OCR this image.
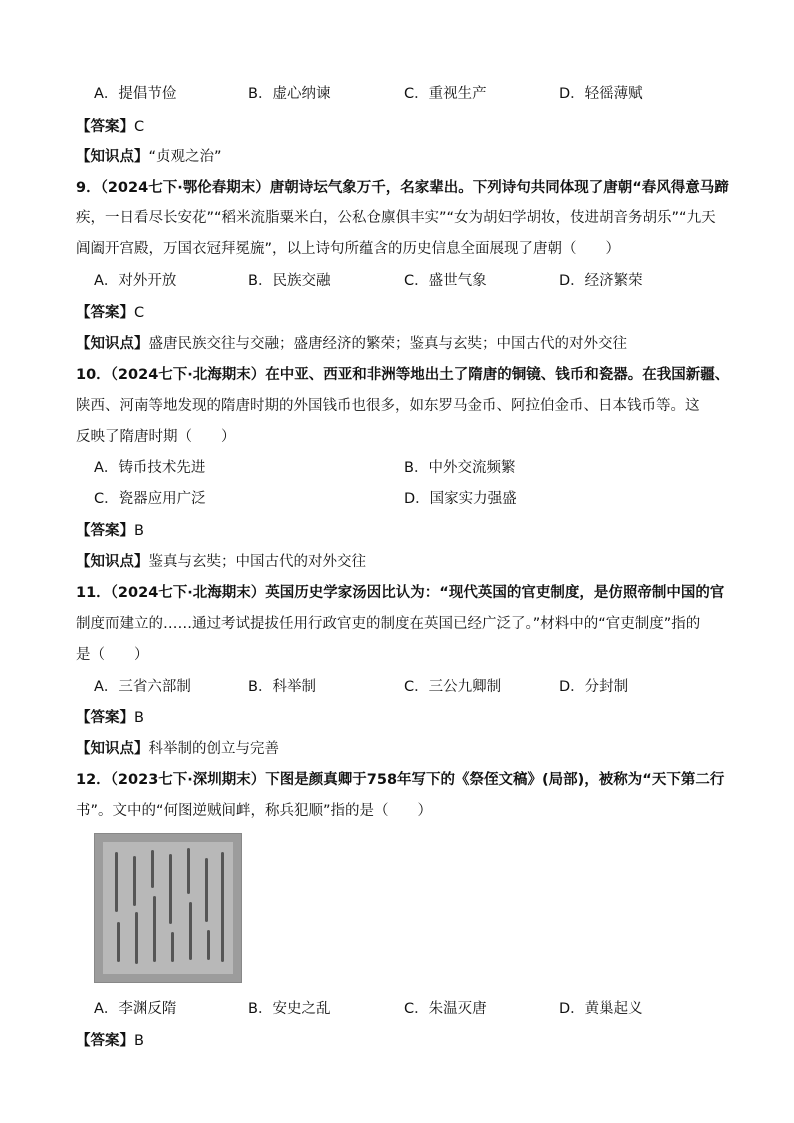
A．提倡节俭	B．虚心纳谏	C．重视生产	D．轻徭薄赋
【答案】C
【知识点】“贞观之治”
9．（2024七下·鄂伦春期末）唐朝诗坛气象万千，名家辈出。下列诗句共同体现了唐朝“春风得意马蹄
疾，一日看尽长安花”“稻米流脂粟米白，公私仓廪俱丰实”“女为胡妇学胡妆，伎进胡音务胡乐”“九天
阊阖开宫殿，万国衣冠拜冕旒”，以上诗句所蕴含的历史信息全面展现了唐朝（　　）
A．对外开放	B．民族交融	C．盛世气象	D．经济繁荣
【答案】C
【知识点】盛唐民族交往与交融；盛唐经济的繁荣；鉴真与玄奘；中国古代的对外交往
10．（2024七下·北海期末）在中亚、西亚和非洲等地出土了隋唐的铜镜、钱币和瓷器。在我国新疆、
陕西、河南等地发现的隋唐时期的外国钱币也很多，如东罗马金币、阿拉伯金币、日本钱币等。这
反映了隋唐时期（　　）
A．铸币技术先进	B．中外交流频繁
C．瓷器应用广泛	D．国家实力强盛
【答案】B
【知识点】鉴真与玄奘；中国古代的对外交往
11．（2024七下·北海期末）英国历史学家汤因比认为：“现代英国的官吏制度，是仿照帝制中国的官
制度而建立的……通过考试提拔任用行政官吏的制度在英国已经广泛了。”材料中的“官吏制度”指的
是（　　）
A．三省六部制	B．科举制	C．三公九卿制	D．分封制
【答案】B
【知识点】科举制的创立与完善
12．（2023七下·深圳期末）下图是颜真卿于758年写下的《祭侄文稿》(局部)，被称为“天下第二行
书”。文中的“何图逆贼间衅，称兵犯顺”指的是（　　）
A．李渊反隋	B．安史之乱	C．朱温灭唐	D．黄巢起义
【答案】B
